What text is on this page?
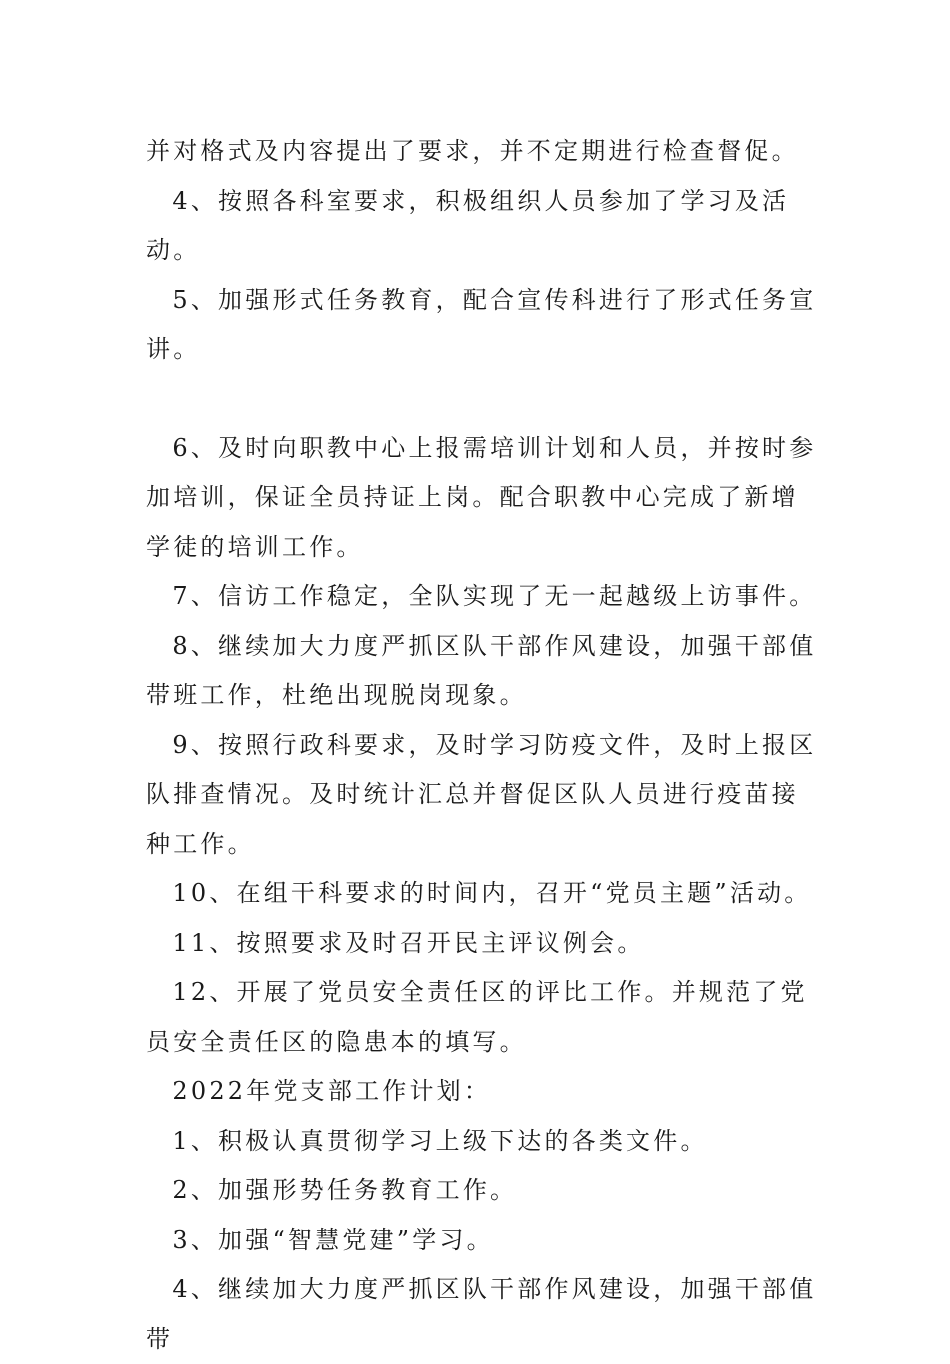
并对格式及内容提出了要求，并不定期进行检查督促。

4、按照各科室要求，积极组织人员参加了学习及活动。

5、加强形式任务教育，配合宣传科进行了形式任务宣讲。

6、及时向职教中心上报需培训计划和人员，并按时参加培训，保证全员持证上岗。配合职教中心完成了新增学徒的培训工作。

7、信访工作稳定，全队实现了无一起越级上访事件。

8、继续加大力度严抓区队干部作风建设，加强干部值带班工作，杜绝出现脱岗现象。

9、按照行政科要求，及时学习防疫文件，及时上报区队排查情况。及时统计汇总并督促区队人员进行疫苗接种工作。

10、在组干科要求的时间内，召开“党员主题”活动。

11、按照要求及时召开民主评议例会。

12、开展了党员安全责任区的评比工作。并规范了党员安全责任区的隐患本的填写。

2022年党支部工作计划：

1、积极认真贯彻学习上级下达的各类文件。

2、加强形势任务教育工作。

3、加强“智慧党建”学习。

4、继续加大力度严抓区队干部作风建设，加强干部值带
